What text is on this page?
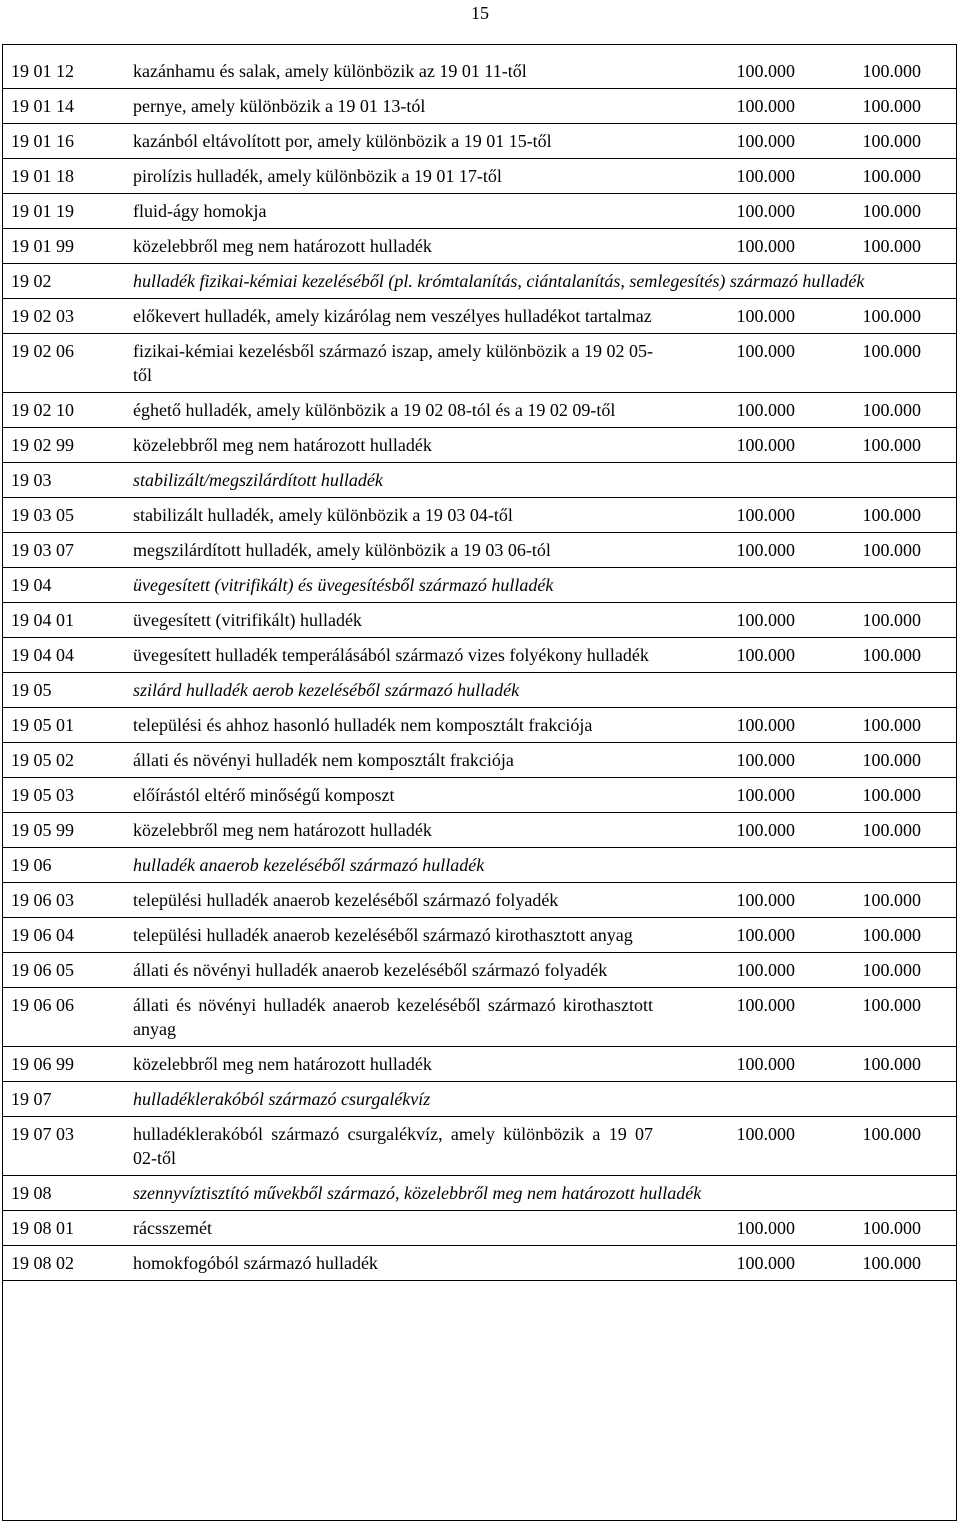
15
19 01 12	kazánhamu és salak, amely különbözik az 19 01 11-től	100.000	100.000
19 01 14	pernye, amely különbözik a 19 01 13-tól	100.000	100.000
19 01 16	kazánból eltávolított por, amely különbözik a 19 01 15-től	100.000	100.000
19 01 18	pirolízis hulladék, amely különbözik a 19 01 17-től	100.000	100.000
19 01 19	fluid-ágy homokja	100.000	100.000
19 01 99	közelebbről meg nem határozott hulladék	100.000	100.000
19 02	hulladék fizikai-kémiai kezeléséből (pl. krómtalanítás, ciántalanítás, semlegesítés) származó hulladék		
19 02 03	előkevert hulladék, amely kizárólag nem veszélyes hulladékot tartalmaz	100.000	100.000
19 02 06	fizikai-kémiai kezelésből származó iszap, amely különbözik a 19 02 05-től	100.000	100.000
19 02 10	éghető hulladék, amely különbözik a 19 02 08-tól és a 19 02 09-től	100.000	100.000
19 02 99	közelebbről meg nem határozott hulladék	100.000	100.000
19 03	stabilizált/megszilárdított hulladék		
19 03 05	stabilizált hulladék, amely különbözik a 19 03 04-től	100.000	100.000
19 03 07	megszilárdított hulladék, amely különbözik a 19 03 06-tól	100.000	100.000
19 04	üvegesített (vitrifikált) és üvegesítésből származó hulladék		
19 04 01	üvegesített (vitrifikált) hulladék	100.000	100.000
19 04 04	üvegesített hulladék temperálásából származó vizes folyékony hulladék	100.000	100.000
19 05	szilárd hulladék aerob kezeléséből származó hulladék		
19 05 01	települési és ahhoz hasonló hulladék nem komposztált frakciója	100.000	100.000
19 05 02	állati és növényi hulladék nem komposztált frakciója	100.000	100.000
19 05 03	előírástól eltérő minőségű komposzt	100.000	100.000
19 05 99	közelebbről meg nem határozott hulladék	100.000	100.000
19 06	hulladék anaerob kezeléséből származó hulladék		
19 06 03	települési hulladék anaerob kezeléséből származó folyadék	100.000	100.000
19 06 04	települési hulladék anaerob kezeléséből származó kirothasztott anyag	100.000	100.000
19 06 05	állati és növényi hulladék anaerob kezeléséből származó folyadék	100.000	100.000
19 06 06	állati és növényi hulladék anaerob kezeléséből származó kirothasztott anyag	100.000	100.000
19 06 99	közelebbről meg nem határozott hulladék	100.000	100.000
19 07	hulladéklerakóból származó csurgalékvíz		
19 07 03	hulladéklerakóból származó csurgalékvíz, amely különbözik a 19 07 02-től	100.000	100.000
19 08	szennyvíztisztító művekből származó, közelebbről meg nem határozott hulladék		
19 08 01	rácsszemét	100.000	100.000
19 08 02	homokfogóból származó hulladék	100.000	100.000
